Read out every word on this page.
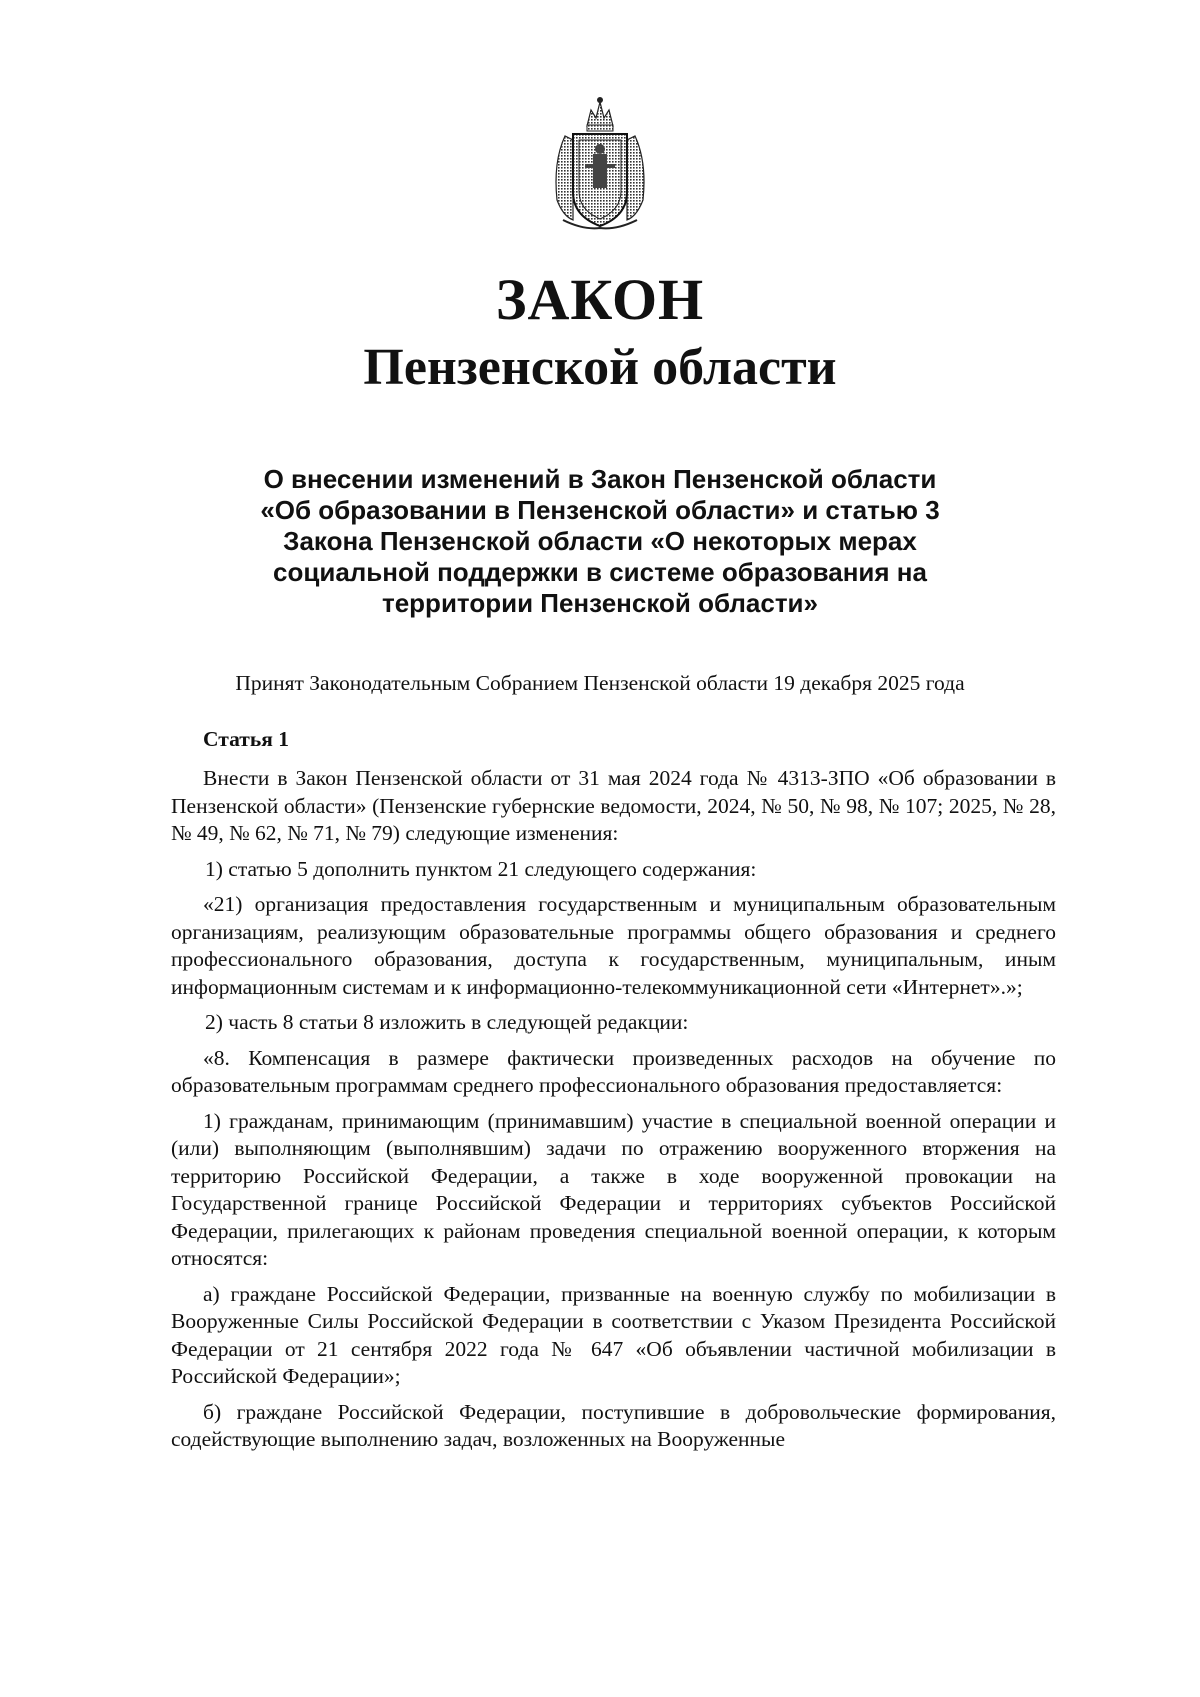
ЗАКОН
Пензенской области
О внесении изменений в Закон Пензенской области
«Об образовании в Пензенской области» и статью 3
Закона Пензенской области «О некоторых мерах
социальной поддержки в системе образования на
территории Пензенской области»
Принят Законодательным Собранием Пензенской области 19 декабря 2025 года
Статья 1

Внести в Закон Пензенской области от 31 мая 2024 года № 4313-ЗПО «Об образовании в Пензенской области» (Пензенские губернские ведомости, 2024, № 50, № 98, № 107; 2025, № 28, № 49, № 62, № 71, № 79) следующие изменения:

1) статью 5 дополнить пунктом 21 следующего содержания:

«21) организация предоставления государственным и муниципальным образовательным организациям, реализующим образовательные программы общего образования и среднего профессионального образования, доступа к государственным, муниципальным, иным информационным системам и к информационно-телекоммуникационной сети «Интернет».»;

2) часть 8 статьи 8 изложить в следующей редакции:

«8. Компенсация в размере фактически произведенных расходов на обучение по образовательным программам среднего профессионального образования предоставляется:

1) гражданам, принимающим (принимавшим) участие в специальной военной операции и (или) выполняющим (выполнявшим) задачи по отражению вооруженного вторжения на территорию Российской Федерации, а также в ходе вооруженной провокации на Государственной границе Российской Федерации и территориях субъектов Российской Федерации, прилегающих к районам проведения специальной военной операции, к которым относятся:

а) граждане Российской Федерации, призванные на военную службу по мобилизации в Вооруженные Силы Российской Федерации в соответствии с Указом Президента Российской Федерации от 21 сентября 2022 года № 647 «Об объявлении частичной мобилизации в Российской Федерации»;

б) граждане Российской Федерации, поступившие в добровольческие формирования, содействующие выполнению задач, возложенных на Вооруженные
